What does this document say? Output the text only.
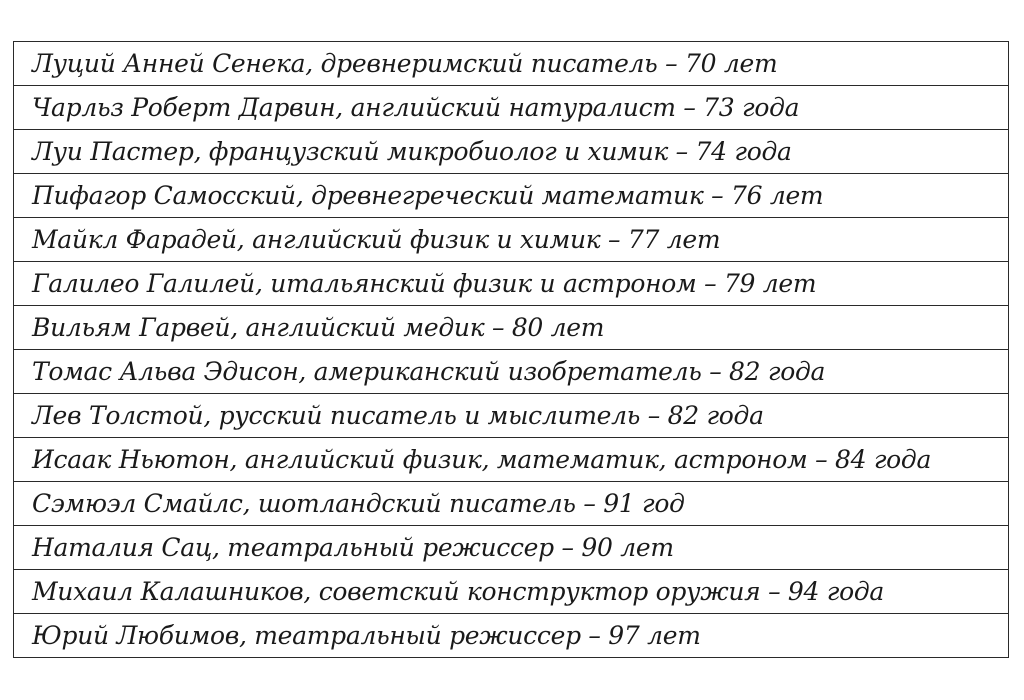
Луций Анней Сенека, древнеримский писатель – 70 лет
Чарльз Роберт Дарвин, английский натуралист – 73 года
Луи Пастер, французский микробиолог и химик – 74 года
Пифагор Самосский, древнегреческий математик – 76 лет
Майкл Фарадей, английский физик и химик – 77 лет
Галилео Галилей, итальянский физик и астроном – 79 лет
Вильям Гарвей, английский медик – 80 лет
Томас Альва Эдисон, американский изобретатель – 82 года
Лев Толстой, русский писатель и мыслитель – 82 года
Исаак Ньютон, английский физик, математик, астроном – 84 года
Сэмюэл Смайлс, шотландский писатель – 91 год
Наталия Сац, театральный режиссер – 90 лет
Михаил Калашников, советский конструктор оружия – 94 года
Юрий Любимов, театральный режиссер – 97 лет
